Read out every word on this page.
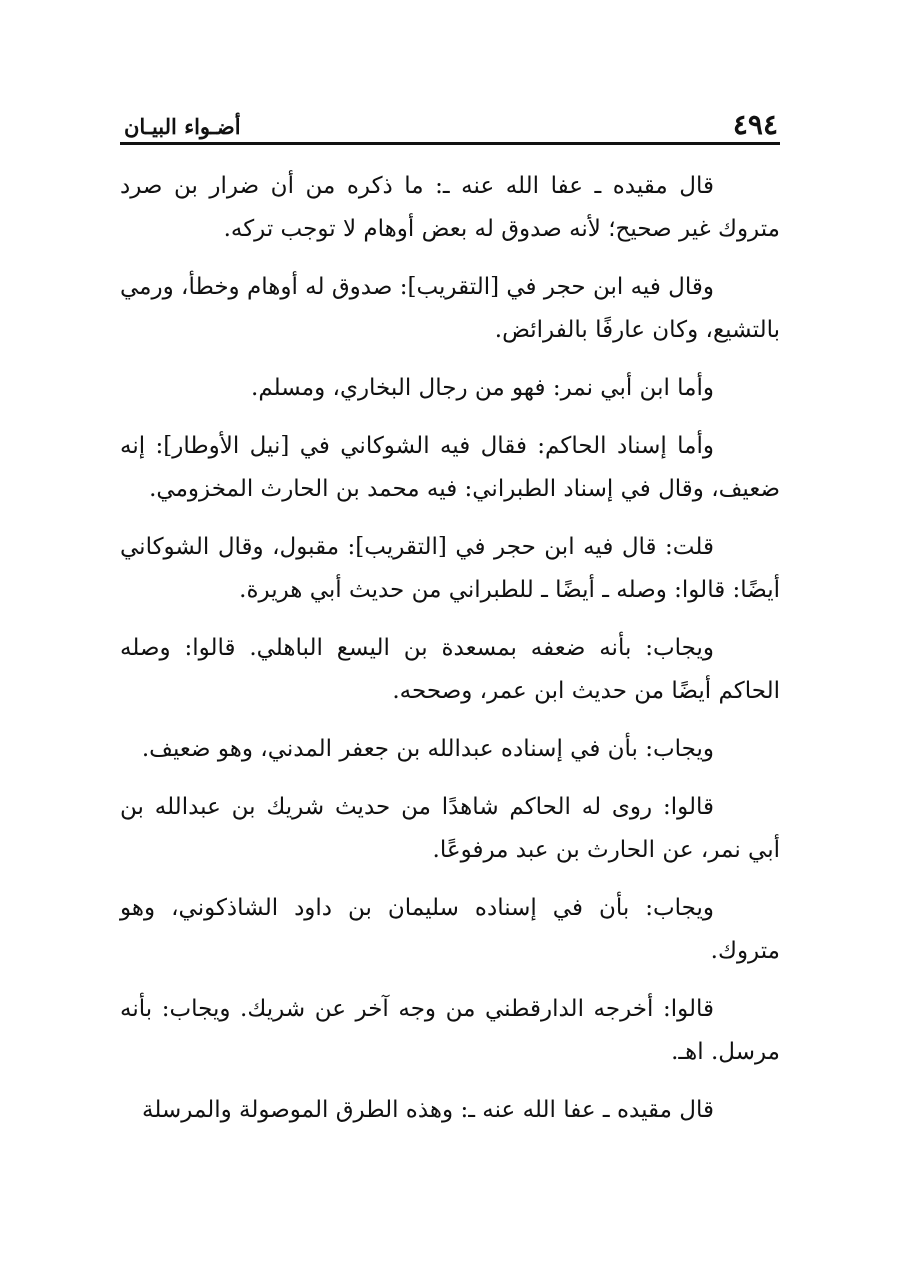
٤٩٤
أضـواء البيـان

قال مقيده ـ عفا الله عنه ـ: ما ذكره من أن ضرار بن صرد متروك غير صحيح؛ لأنه صدوق له بعض أوهام لا توجب تركه.

وقال فيه ابن حجر في [التقريب]: صدوق له أوهام وخطأ، ورمي بالتشيع، وكان عارفًا بالفرائض.

وأما ابن أبي نمر: فهو من رجال البخاري، ومسلم.

وأما إسناد الحاكم: فقال فيه الشوكاني في [نيل الأوطار]: إنه ضعيف، وقال في إسناد الطبراني: فيه محمد بن الحارث المخزومي.

قلت: قال فيه ابن حجر في [التقريب]: مقبول، وقال الشوكاني أيضًا: قالوا: وصله ـ أيضًا ـ للطبراني من حديث أبي هريرة.

ويجاب: بأنه ضعفه بمسعدة بن اليسع الباهلي. قالوا: وصله الحاكم أيضًا من حديث ابن عمر، وصححه.

ويجاب: بأن في إسناده عبدالله بن جعفر المدني، وهو ضعيف.

قالوا: روى له الحاكم شاهدًا من حديث شريك بن عبدالله بن أبي نمر، عن الحارث بن عبد مرفوعًا.

ويجاب: بأن في إسناده سليمان بن داود الشاذكوني، وهو متروك.

قالوا: أخرجه الدارقطني من وجه آخر عن شريك. ويجاب: بأنه مرسل. اهـ.

قال مقيده ـ عفا الله عنه ـ: وهذه الطرق الموصولة والمرسلة
